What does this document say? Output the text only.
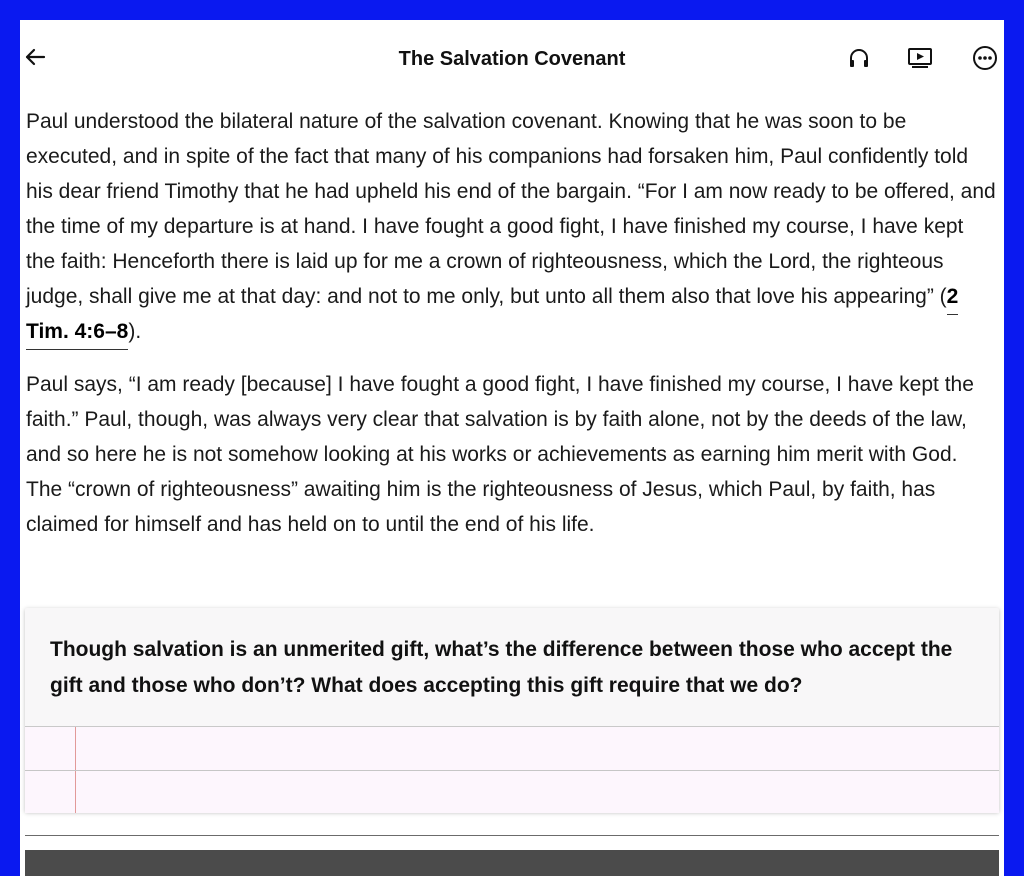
The Salvation Covenant

Paul understood the bilateral nature of the salvation covenant. Knowing that he was soon to be executed, and in spite of the fact that many of his companions had forsaken him, Paul confidently told his dear friend Timothy that he had upheld his end of the bargain. “For I am now ready to be offered, and the time of my departure is at hand. I have fought a good fight, I have finished my course, I have kept the faith: Henceforth there is laid up for me a crown of righteousness, which the Lord, the righteous judge, shall give me at that day: and not to me only, but unto all them also that love his appearing” (2 Tim. 4:6–8).

Paul says, “I am ready [because] I have fought a good fight, I have finished my course, I have kept the faith.” Paul, though, was always very clear that salvation is by faith alone, not by the deeds of the law, and so here he is not somehow looking at his works or achievements as earning him merit with God. The “crown of righteousness” awaiting him is the righteousness of Jesus, which Paul, by faith, has claimed for himself and has held on to until the end of his life.

Though salvation is an unmerited gift, what’s the difference between those who accept the gift and those who don’t? What does accepting this gift require that we do?
